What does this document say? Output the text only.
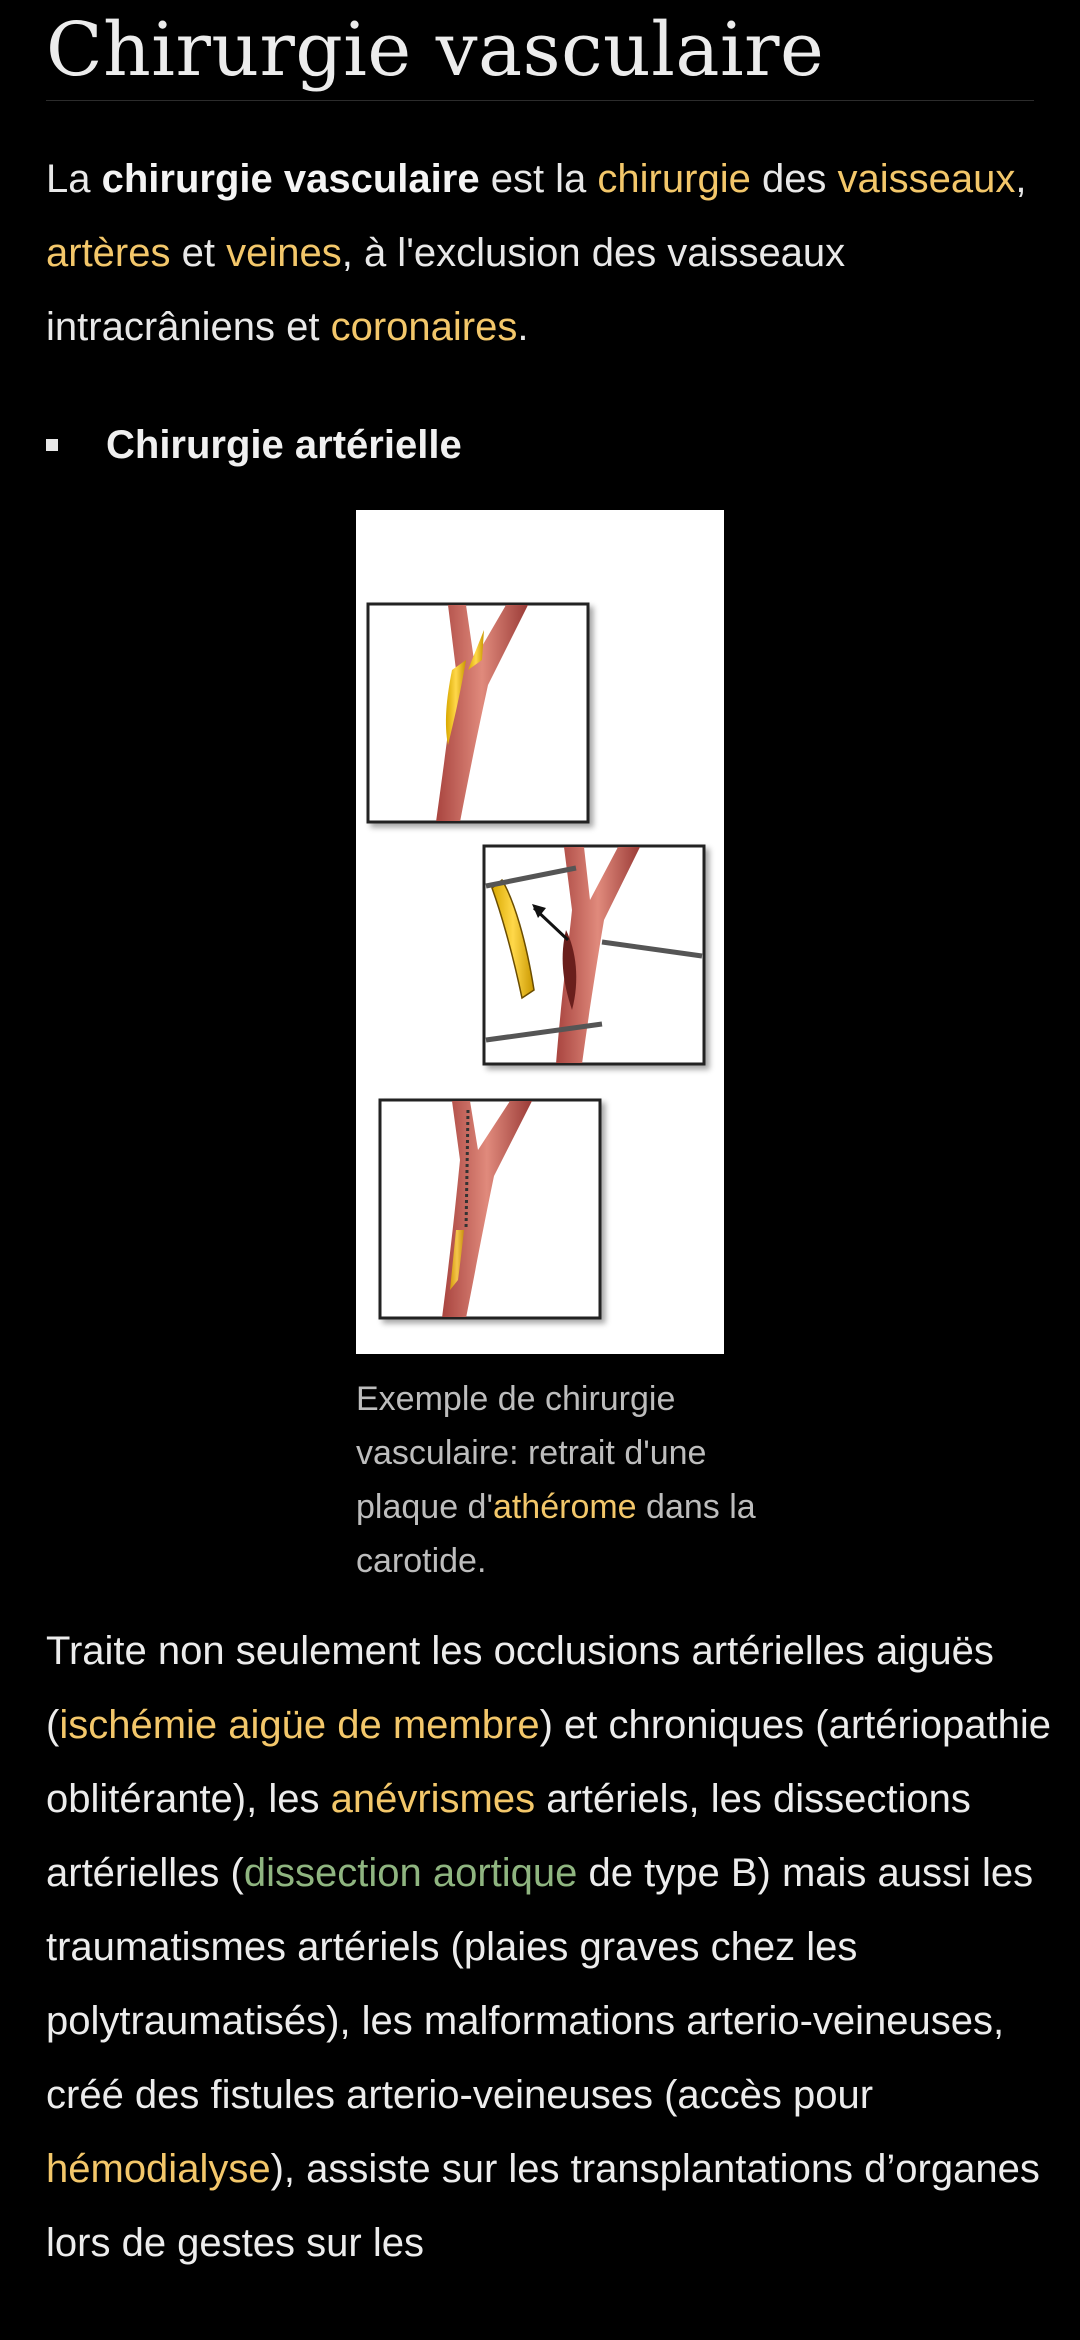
Chirurgie vasculaire

La chirurgie vasculaire est la chirurgie des vaisseaux, artères et veines, à l'exclusion des vaisseaux intracrâniens et coronaires.

Chirurgie artérielle

Exemple de chirurgie vasculaire: retrait d'une plaque d'athérome dans la carotide.

Traite non seulement les occlusions artérielles aiguës (ischémie aigüe de membre) et chroniques (artériopathie oblitérante), les anévrismes artériels, les dissections artérielles (dissection aortique de type B) mais aussi les traumatismes artériels (plaies graves chez les polytraumatisés), les malformations arterio-veineuses, créé des fistules arterio-veineuses (accès pour hémodialyse), assiste sur les transplantations d’organes lors de gestes sur les
